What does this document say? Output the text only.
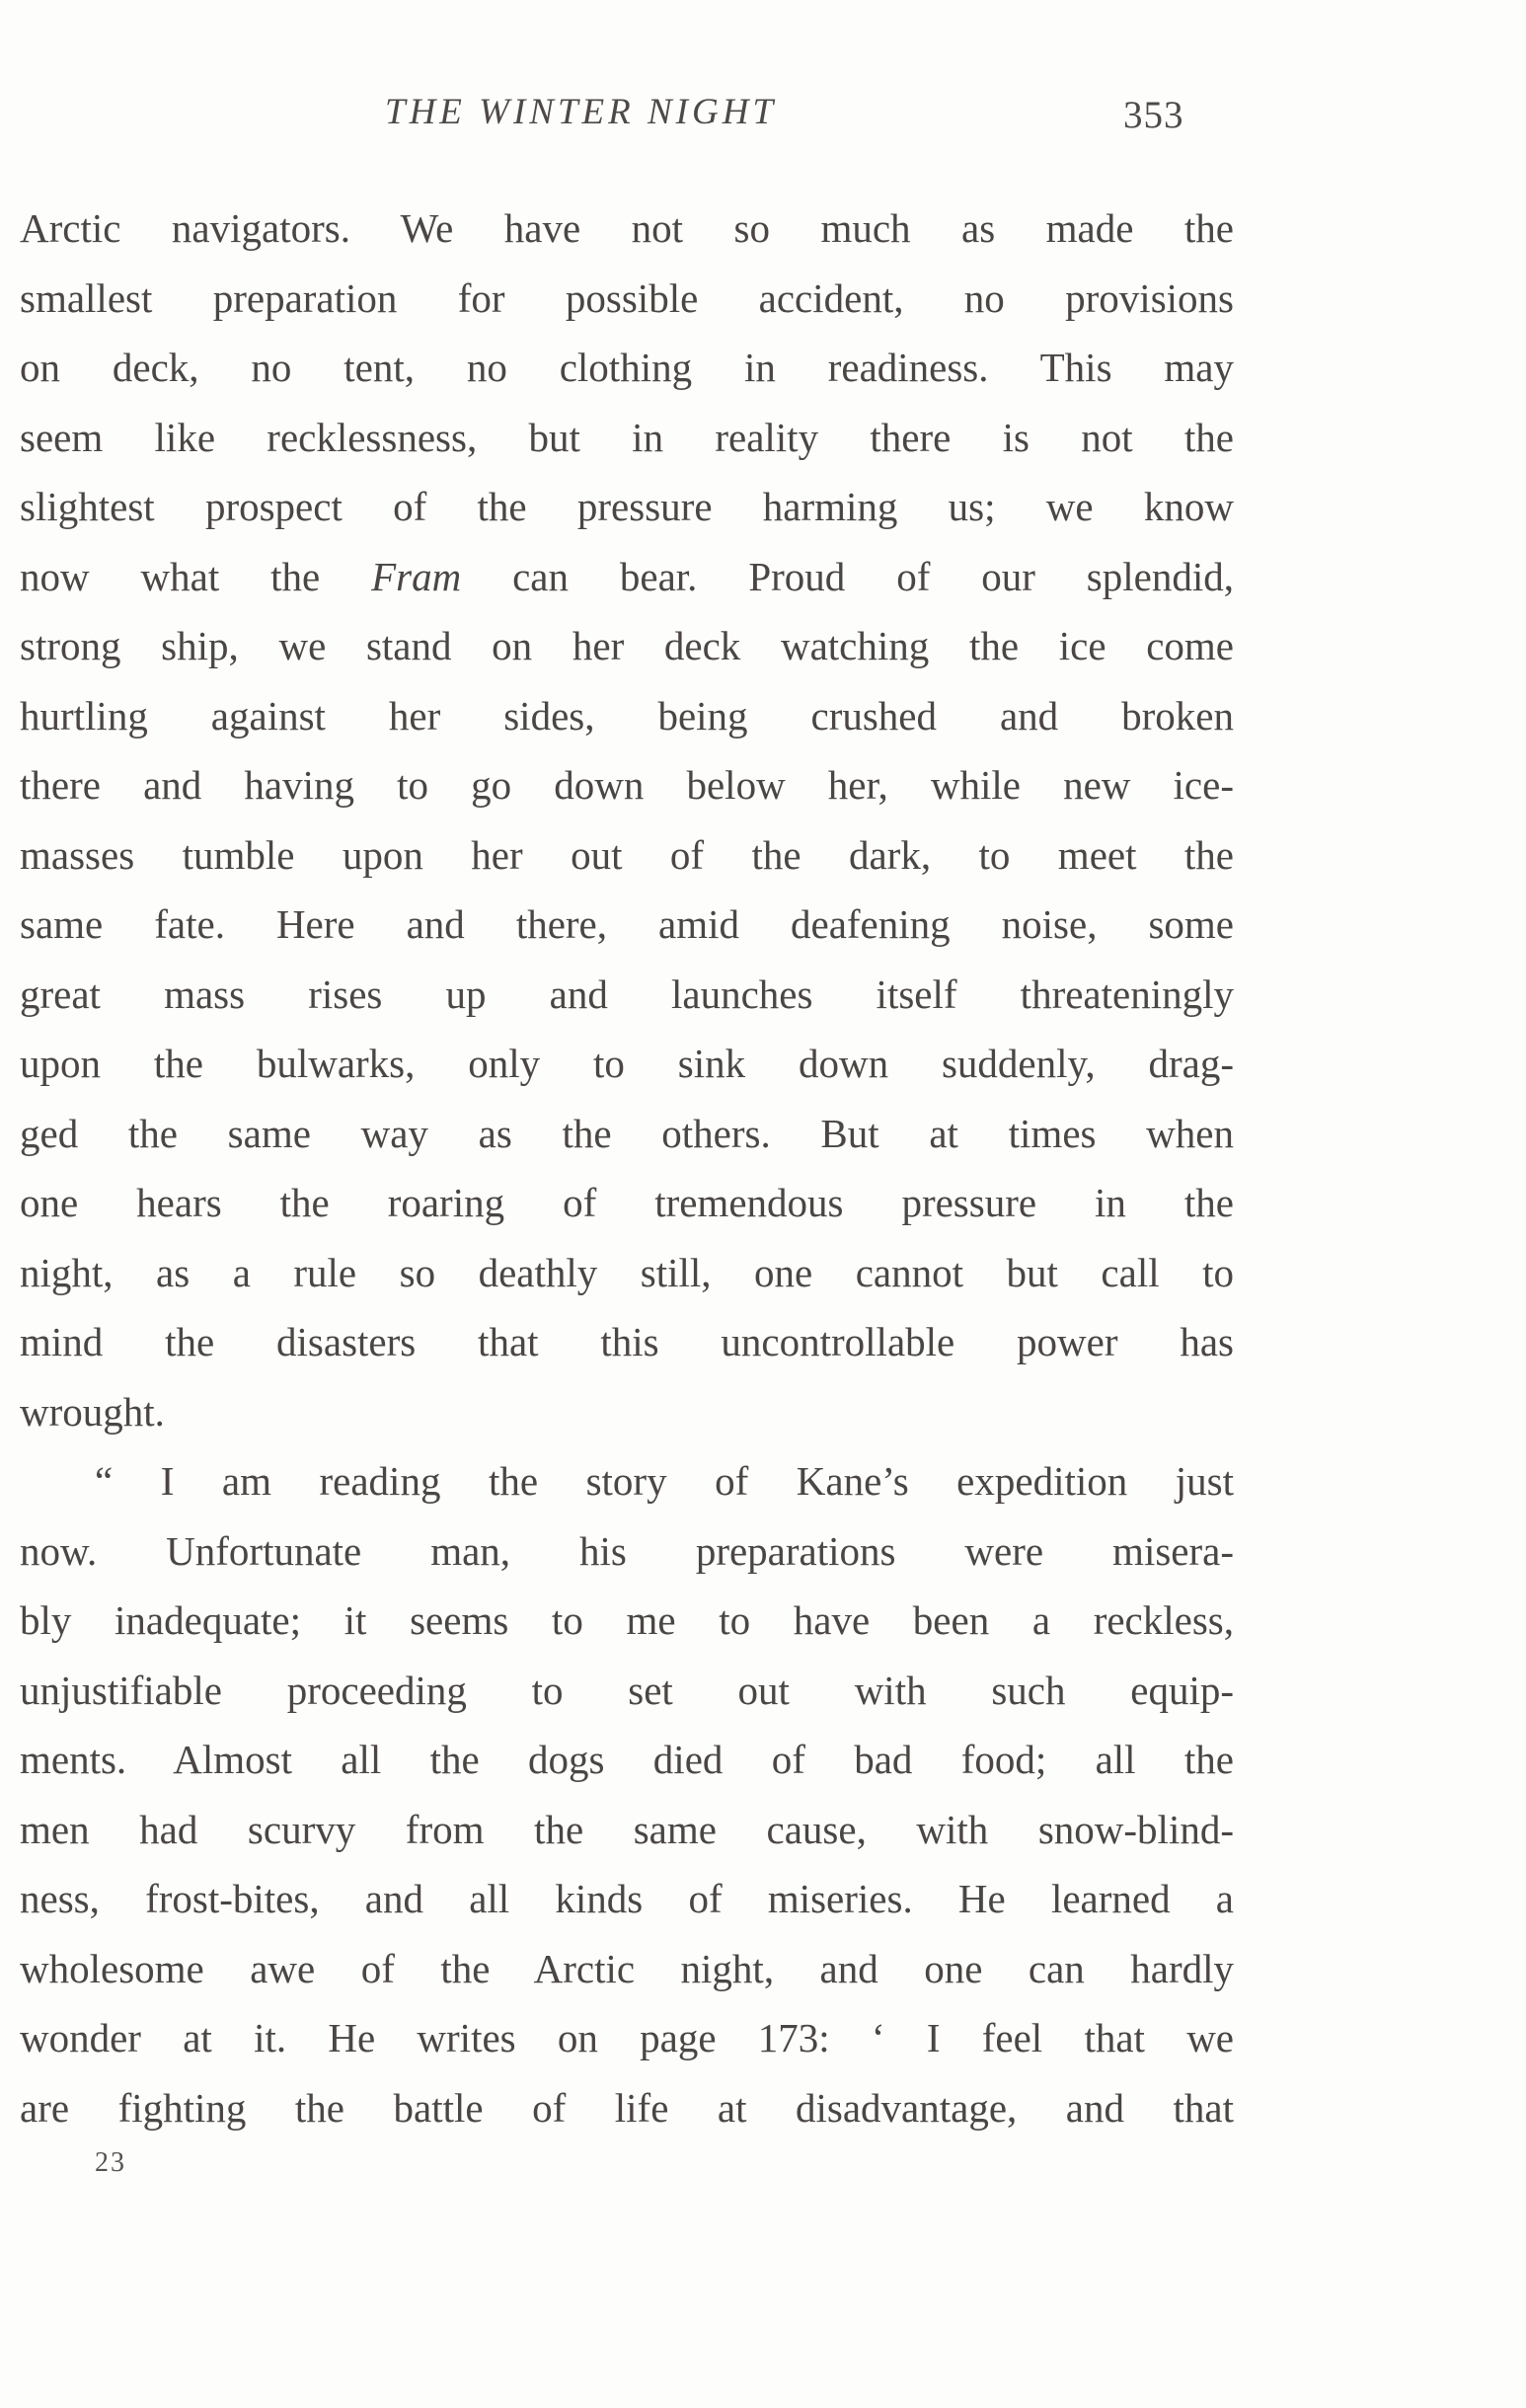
THE WINTER NIGHT	353
Arctic navigators. We have not so much as made the
smallest preparation for possible accident, no provisions
on deck, no tent, no clothing in readiness. This may
seem like recklessness, but in reality there is not the
slightest prospect of the pressure harming us; we know
now what the Fram can bear. Proud of our splendid,
strong ship, we stand on her deck watching the ice come
hurtling against her sides, being crushed and broken
there and having to go down below her, while new ice-
masses tumble upon her out of the dark, to meet the
same fate. Here and there, amid deafening noise, some
great mass rises up and launches itself threateningly
upon the bulwarks, only to sink down suddenly, drag-
ged the same way as the others. But at times when
one hears the roaring of tremendous pressure in the
night, as a rule so deathly still, one cannot but call to
mind the disasters that this uncontrollable power has
wrought.
“ I am reading the story of Kane’s expedition just
now. Unfortunate man, his preparations were misera-
bly inadequate; it seems to me to have been a reckless,
unjustifiable proceeding to set out with such equip-
ments. Almost all the dogs died of bad food; all the
men had scurvy from the same cause, with snow-blind-
ness, frost-bites, and all kinds of miseries. He learned a
wholesome awe of the Arctic night, and one can hardly
wonder at it. He writes on page 173: ‘ I feel that we
are fighting the battle of life at disadvantage, and that
23
